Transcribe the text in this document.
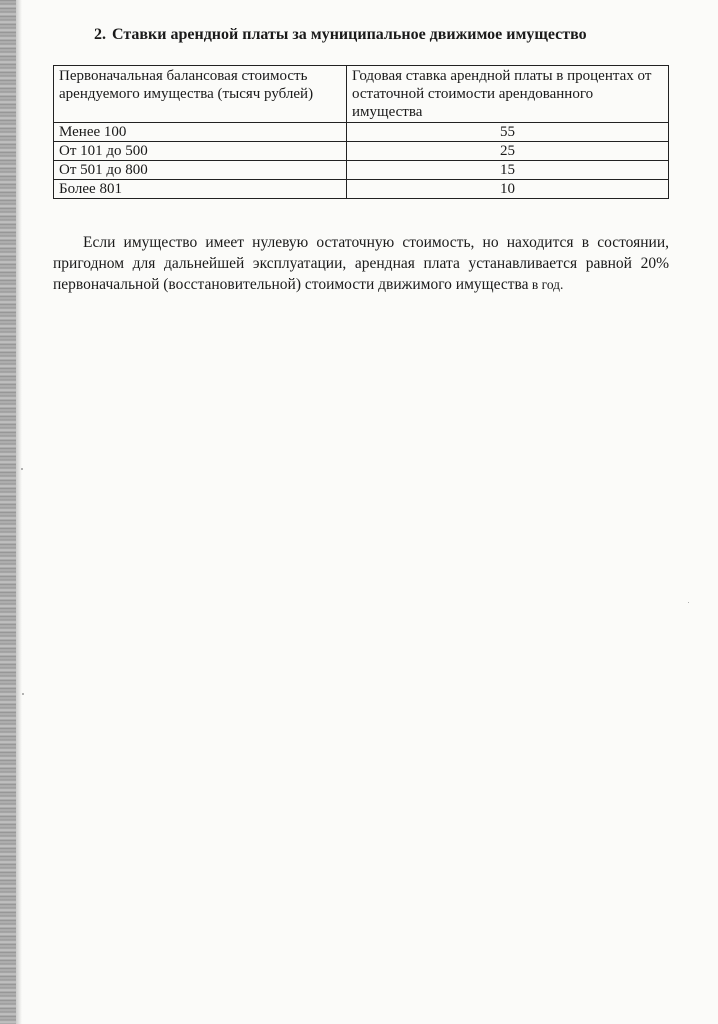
2. Ставки арендной платы за муниципальное движимое имущество
Первоначальная балансовая стоимость арендуемого имущества (тысяч рублей)	Годовая ставка арендной платы в процентах от остаточной стоимости арендованного имущества
Менее 100	55
От 101 до 500	25
От 501 до 800	15
Более 801	10

Если имущество имеет нулевую остаточную стоимость, но находится в состоянии, пригодном для дальнейшей эксплуатации, арендная плата устанавливается равной 20% первоначальной (восстановительной) стоимости движимого имущества в год.
